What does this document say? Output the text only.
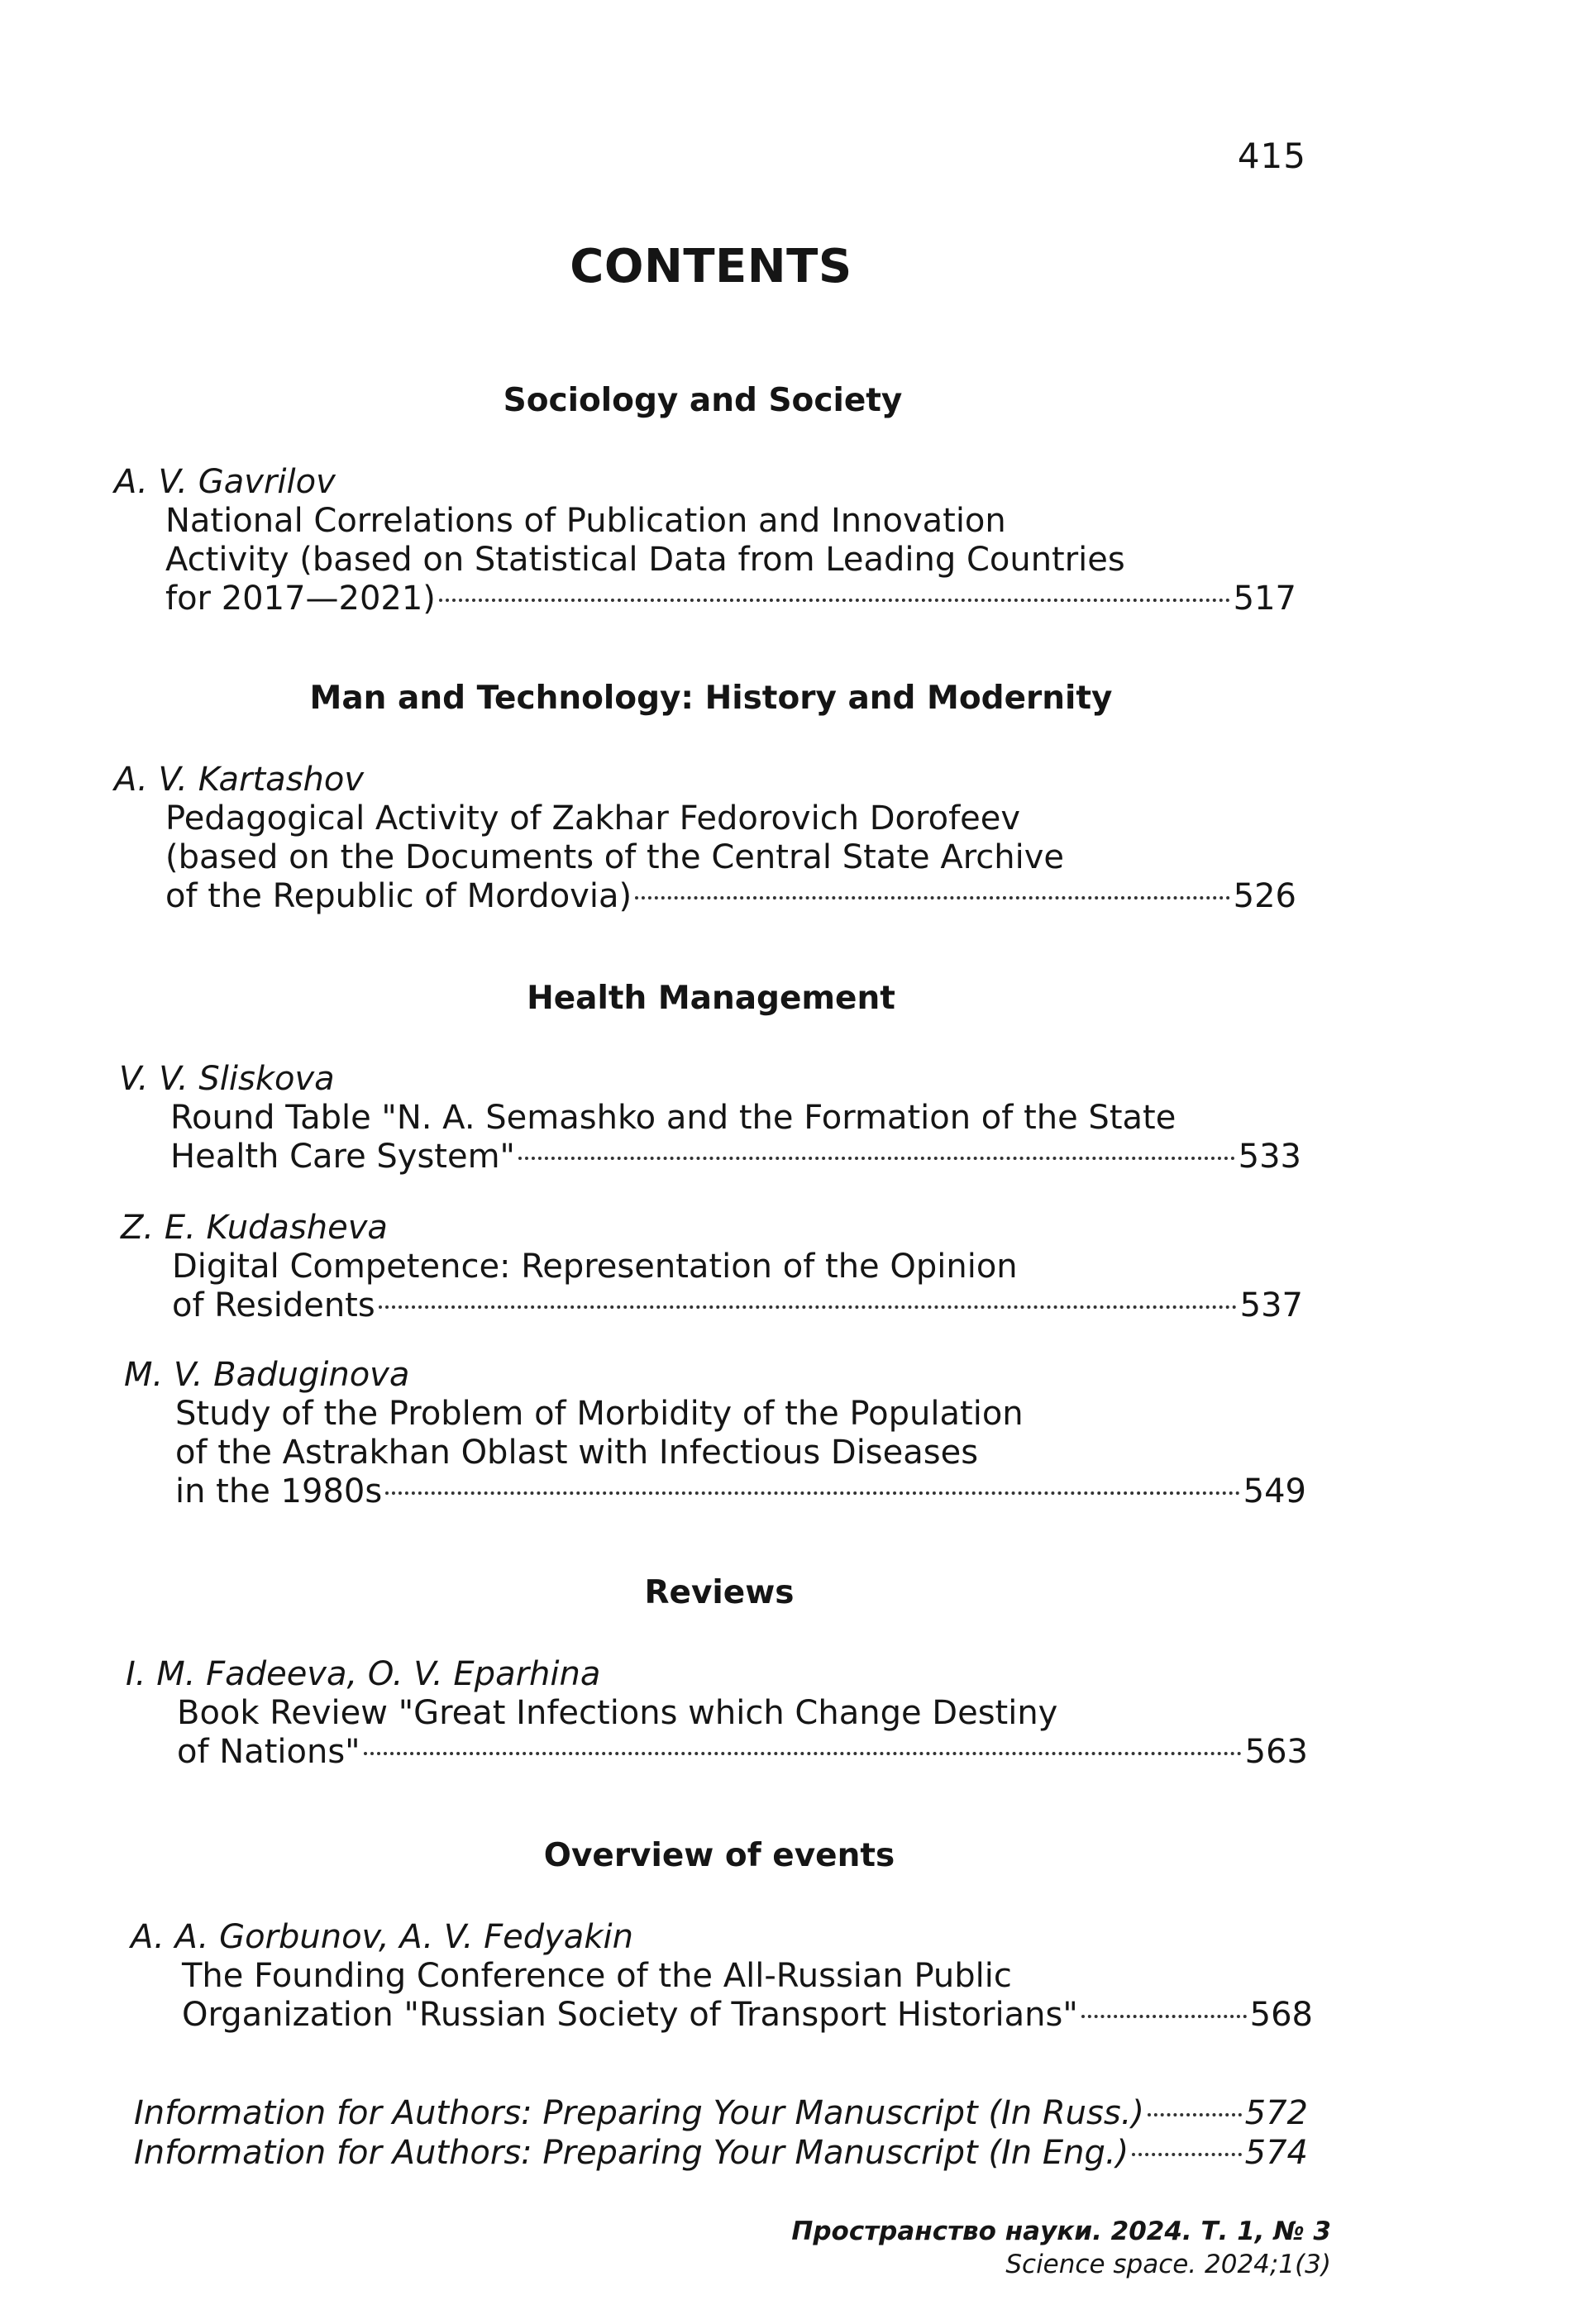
415
CONTENTS
Sociology and Society
A. V. Gavrilov
National Correlations of Publication and Innovation
Activity (based on Statistical Data from Leading Countries
for 2017—2021)	517
Man and Technology: History and Modernity
A. V. Kartashov
Pedagogical Activity of Zakhar Fedorovich Dorofeev
(based on the Documents of the Central State Archive
of the Republic of Mordovia)	526
Health Management
V. V. Sliskova
Round Table "N. A. Semashko and the Formation of the State
Health Care System"	533
Z. E. Kudasheva
Digital Competence: Representation of the Opinion
of Residents	537
M. V. Baduginova
Study of the Problem of Morbidity of the Population
of the Astrakhan Oblast with Infectious Diseases
in the 1980s	549
Reviews
I. M. Fadeeva, O. V. Eparhina
Book Review "Great Infections which Change Destiny
of Nations"	563
Overview of events
A. A. Gorbunov, A. V. Fedyakin
The Founding Conference of the All-Russian Public
Organization "Russian Society of Transport Historians"	568
Information for Authors: Preparing Your Manuscript (In Russ.)	572
Information for Authors: Preparing Your Manuscript (In Eng.)	574
Пространство науки. 2024. Т. 1, № 3
Science space. 2024;1(3)
